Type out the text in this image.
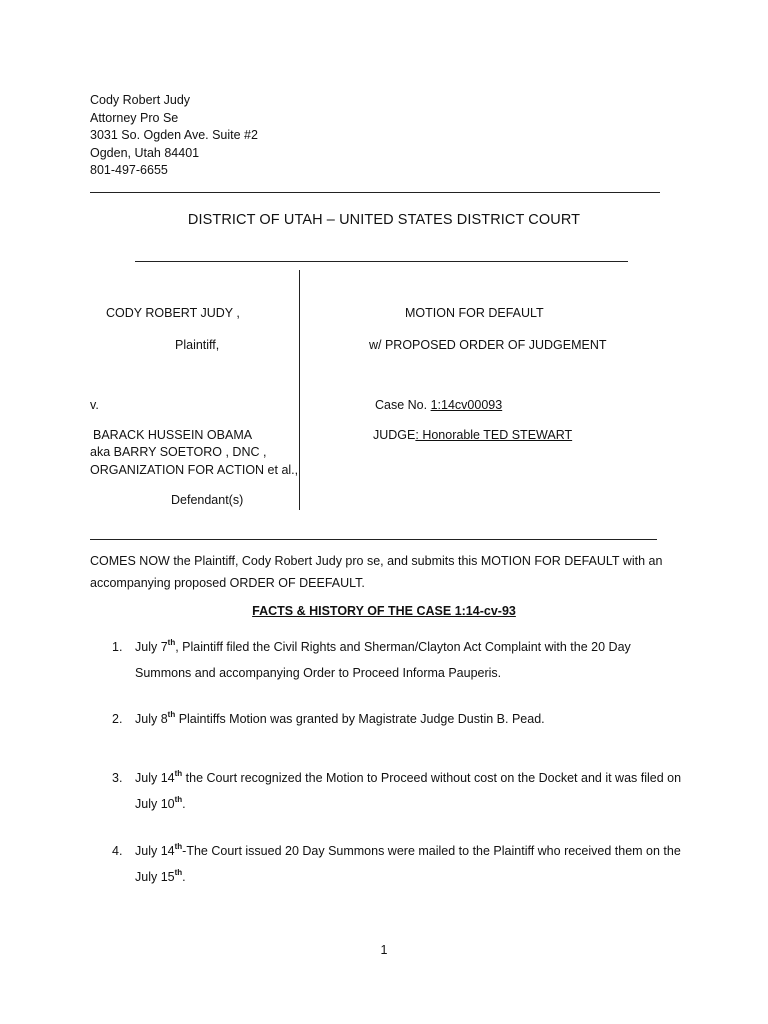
Cody Robert Judy
Attorney Pro Se
3031 So. Ogden Ave. Suite #2
Ogden, Utah 84401
801-497-6655
DISTRICT OF UTAH – UNITED STATES DISTRICT COURT
CODY ROBERT JUDY ,
Plaintiff,
v.
BARACK HUSSEIN OBAMA
aka BARRY SOETORO , DNC ,
ORGANIZATION FOR ACTION et al.,
Defendant(s)
MOTION FOR DEFAULT
w/ PROPOSED ORDER OF JUDGEMENT
Case No. 1:14cv00093
JUDGE: Honorable TED STEWART
COMES NOW the Plaintiff, Cody Robert Judy pro se, and submits this MOTION FOR DEFAULT with an accompanying proposed ORDER OF DEEFAULT.
FACTS & HISTORY OF THE CASE 1:14-cv-93
1. July 7th, Plaintiff filed the Civil Rights and Sherman/Clayton Act Complaint with the 20 Day Summons and accompanying Order to Proceed Informa Pauperis.
2. July 8th Plaintiffs Motion was granted by Magistrate Judge Dustin B. Pead.
3. July 14th the Court recognized the Motion to Proceed without cost on the Docket and it was filed on July 10th.
4. July 14th-The Court issued 20 Day Summons were mailed to the Plaintiff who received them on the July 15th.
1
